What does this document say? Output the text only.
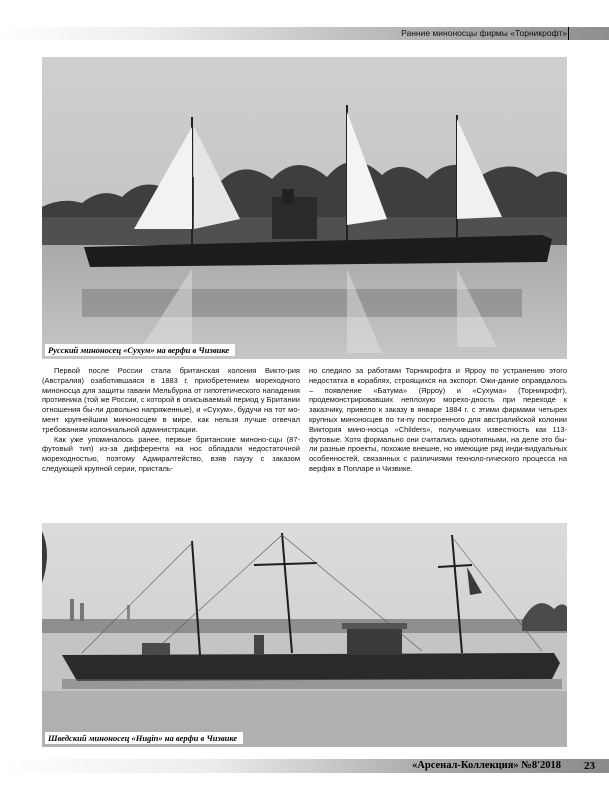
Ранние миноносцы фирмы «Торникрофт»
Русский миноносец «Сухум» на верфи в Чизвике

Первой после России стала британская колония Викто-рия (Австралия) озаботившаяся в 1883 г. приобретением мореходного миноносца для защиты гавани Мельбурна от гипотетического нападения противника (той же России, с которой в описываемый период у Британии отношения бы-ли довольно напряженные), и «Сухум», будучи на тот мо-мент крупнейшим миноносцем в мире, как нельзя лучше отвечал требованиям колониальной администрации.

Как уже упоминалось ранее, первые британские миноно-сцы (87-футовый тип) из-за дифферента на нос обладали недостаточной мореходностью, поэтому Адмиралтейство, взяв паузу с заказом следующей крупной серии, присталь-

но следило за работами Торникрофта и Ярроу по устранению этого недостатка в кораблях, строящихся на экспорт. Ожи-дание оправдалось – появление «Батума» (Ярроу) и «Сухума» (Торникрофт), продемонстрировавших неплохую морехо-дность при переходе к заказчику, привело к заказу в январе 1884 г. с этими фирмами четырех крупных миноносцев по ти-пу построенного для австралийской колонии Виктория мино-носца «Childers», получивших известность как 113-футовые. Хотя формально они считались однотипными, на деле это бы-ли разные проекты, похожие внешне, но имеющие ряд инди-видуальных особенностей, связанных с различиями техноло-гического процесса на верфях в Попларе и Чизвике.

Шведский миноносец «Hugin» на верфи в Чизвике
«Арсенал-Коллекция» №8'2018 23
